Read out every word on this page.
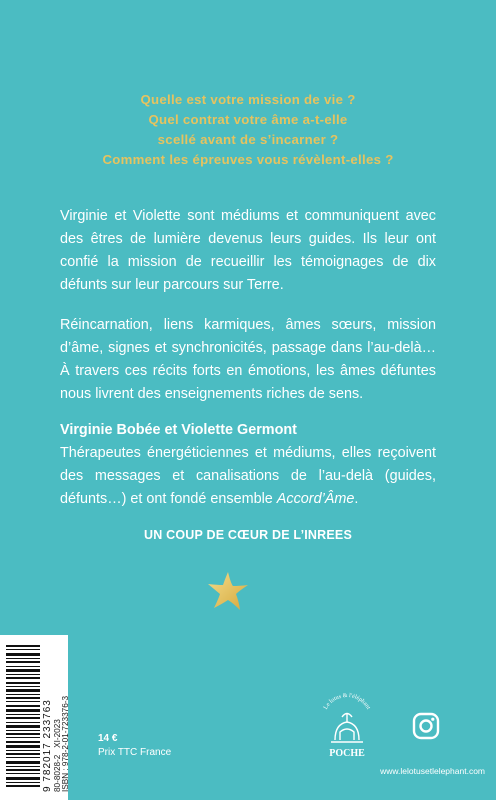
Quelle est votre mission de vie ?
Quel contrat votre âme a-t-elle
scellé avant de s’incarner ?
Comment les épreuves vous révèlent-elles ?

Virginie et Violette sont médiums et communiquent avec des êtres de lumière devenus leurs guides. Ils leur ont confié la mission de recueillir les témoignages de dix défunts sur leur parcours sur Terre.

Réincarnation, liens karmiques, âmes sœurs, mission d’âme, signes et synchronicités, passage dans l’au-delà… À travers ces récits forts en émotions, les âmes défuntes nous livrent des enseignements riches de sens.

Virginie Bobée et Violette Germont
Thérapeutes énergéticiennes et médiums, elles reçoivent des messages et canalisations de l’au-delà (guides, défunts…) et ont fondé ensemble Accord’Âme.
UN COUP DE CŒUR DE L’INREES
9 782017 233763 80-8028-2   XI-2023 ISBN : 978-2-01-723376-3	14 €
Prix TTC France
Le lotus & l'éléphant
POCHE
www.lelotusetlelephant.com
